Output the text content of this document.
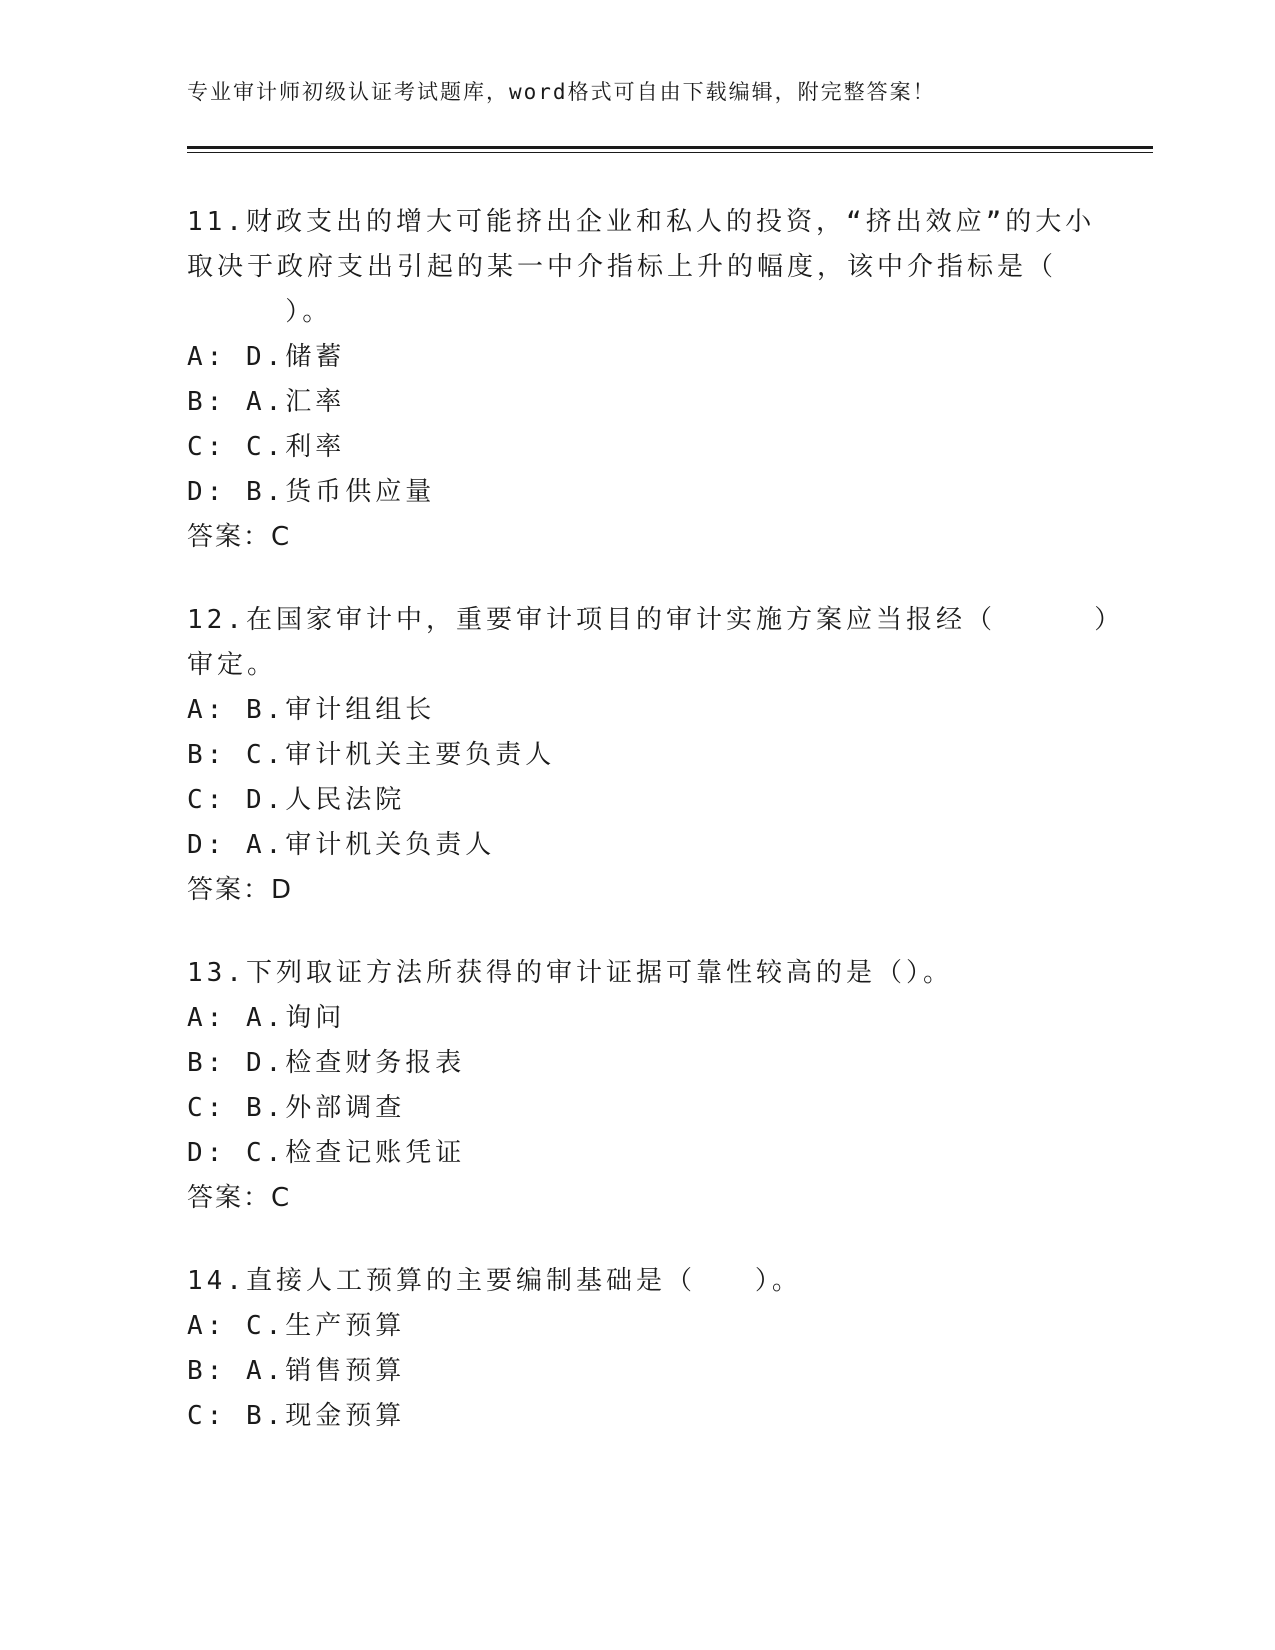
专业审计师初级认证考试题库，word格式可自由下载编辑，附完整答案！
11.财政支出的增大可能挤出企业和私人的投资，“挤出效应”的大小
取决于政府支出引起的某一中介指标上升的幅度，该中介指标是（
）。
A: D.储蓄
B: A.汇率
C: C.利率
D: B.货币供应量
答案：C
12.在国家审计中，重要审计项目的审计实施方案应当报经（     ）
审定。
A: B.审计组组长
B: C.审计机关主要负责人
C: D.人民法院
D: A.审计机关负责人
答案：D
13.下列取证方法所获得的审计证据可靠性较高的是（）。
A: A.询问
B: D.检查财务报表
C: B.外部调查
D: C.检查记账凭证
答案：C
14.直接人工预算的主要编制基础是（   ）。
A: C.生产预算
B: A.销售预算
C: B.现金预算
